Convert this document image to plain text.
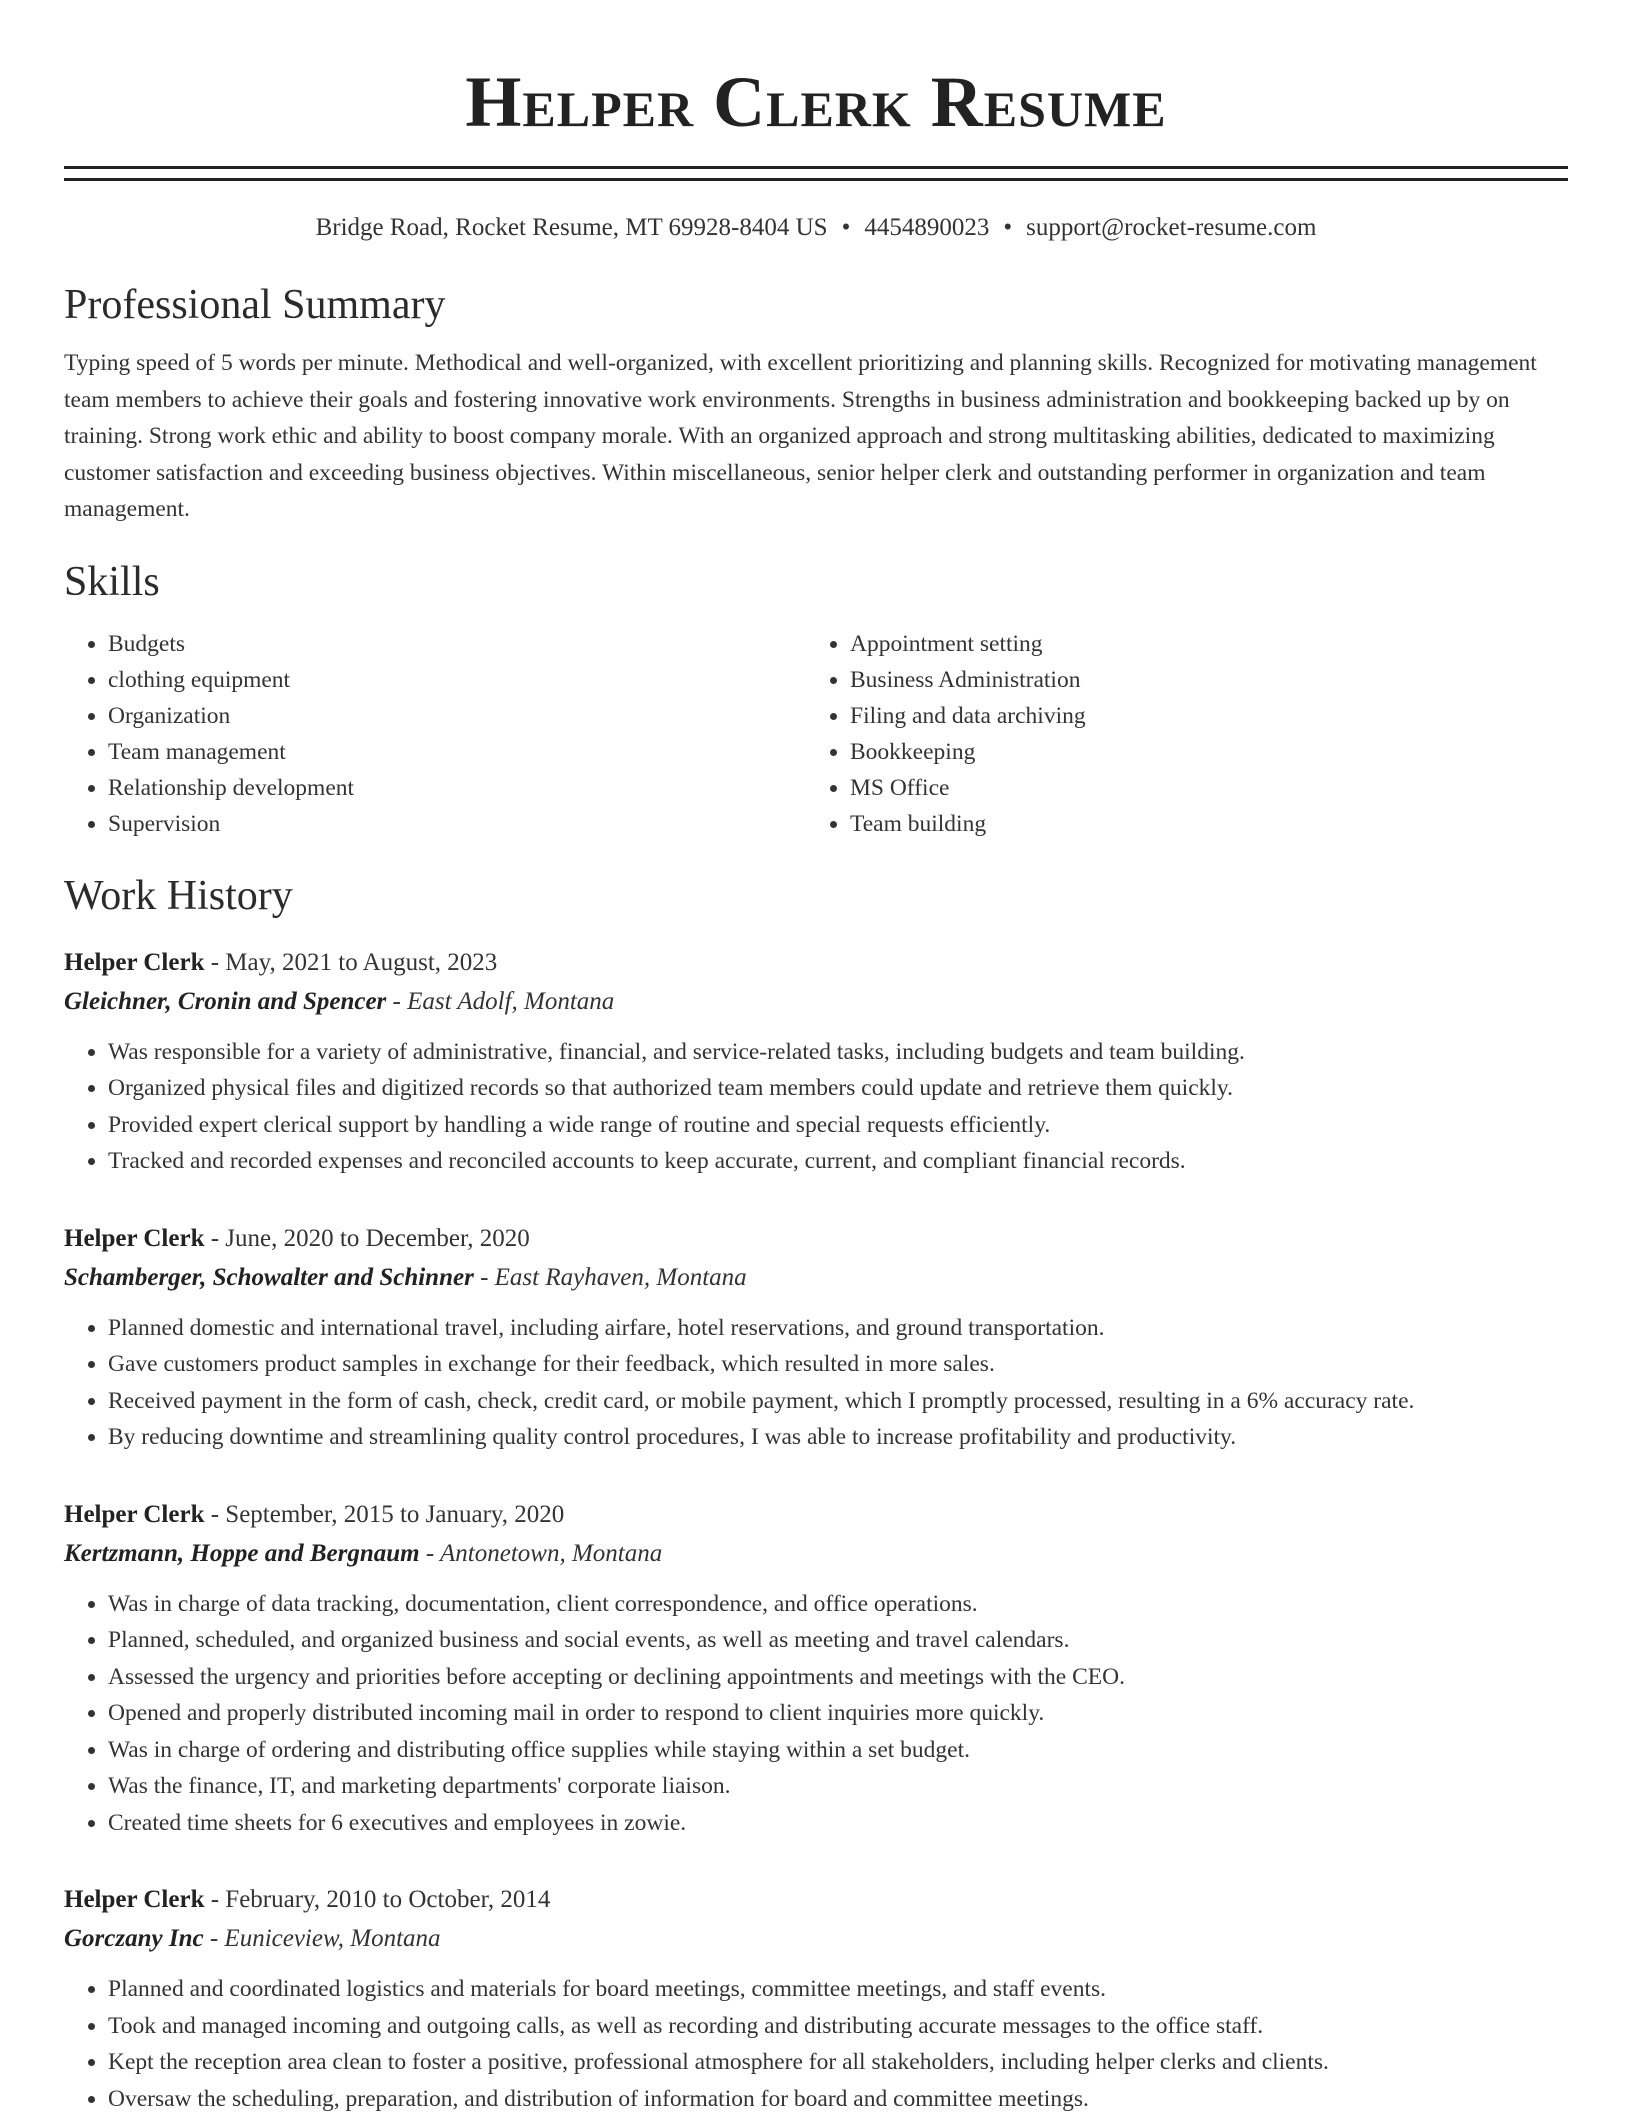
Helper Clerk Resume
Bridge Road, Rocket Resume, MT 69928-8404 US • 4454890023 • support@rocket-resume.com
Professional Summary

Typing speed of 5 words per minute. Methodical and well-organized, with excellent prioritizing and planning skills. Recognized for motivating management team members to achieve their goals and fostering innovative work environments. Strengths in business administration and bookkeeping backed up by on training. Strong work ethic and ability to boost company morale. With an organized approach and strong multitasking abilities, dedicated to maximizing customer satisfaction and exceeding business objectives. Within miscellaneous, senior helper clerk and outstanding performer in organization and team management.

Skills
• Budgets
• clothing equipment
• Organization
• Team management
• Relationship development
• Supervision
• Appointment setting
• Business Administration
• Filing and data archiving
• Bookkeeping
• MS Office
• Team building
Work History
Helper Clerk - May, 2021 to August, 2023
Gleichner, Cronin and Spencer - East Adolf, Montana
• Was responsible for a variety of administrative, financial, and service-related tasks, including budgets and team building.
• Organized physical files and digitized records so that authorized team members could update and retrieve them quickly.
• Provided expert clerical support by handling a wide range of routine and special requests efficiently.
• Tracked and recorded expenses and reconciled accounts to keep accurate, current, and compliant financial records.
Helper Clerk - June, 2020 to December, 2020
Schamberger, Schowalter and Schinner - East Rayhaven, Montana
• Planned domestic and international travel, including airfare, hotel reservations, and ground transportation.
• Gave customers product samples in exchange for their feedback, which resulted in more sales.
• Received payment in the form of cash, check, credit card, or mobile payment, which I promptly processed, resulting in a 6% accuracy rate.
• By reducing downtime and streamlining quality control procedures, I was able to increase profitability and productivity.
Helper Clerk - September, 2015 to January, 2020
Kertzmann, Hoppe and Bergnaum - Antonetown, Montana
• Was in charge of data tracking, documentation, client correspondence, and office operations.
• Planned, scheduled, and organized business and social events, as well as meeting and travel calendars.
• Assessed the urgency and priorities before accepting or declining appointments and meetings with the CEO.
• Opened and properly distributed incoming mail in order to respond to client inquiries more quickly.
• Was in charge of ordering and distributing office supplies while staying within a set budget.
• Was the finance, IT, and marketing departments' corporate liaison.
• Created time sheets for 6 executives and employees in zowie.
Helper Clerk - February, 2010 to October, 2014
Gorczany Inc - Euniceview, Montana
• Planned and coordinated logistics and materials for board meetings, committee meetings, and staff events.
• Took and managed incoming and outgoing calls, as well as recording and distributing accurate messages to the office staff.
• Kept the reception area clean to foster a positive, professional atmosphere for all stakeholders, including helper clerks and clients.
• Oversaw the scheduling, preparation, and distribution of information for board and committee meetings.
